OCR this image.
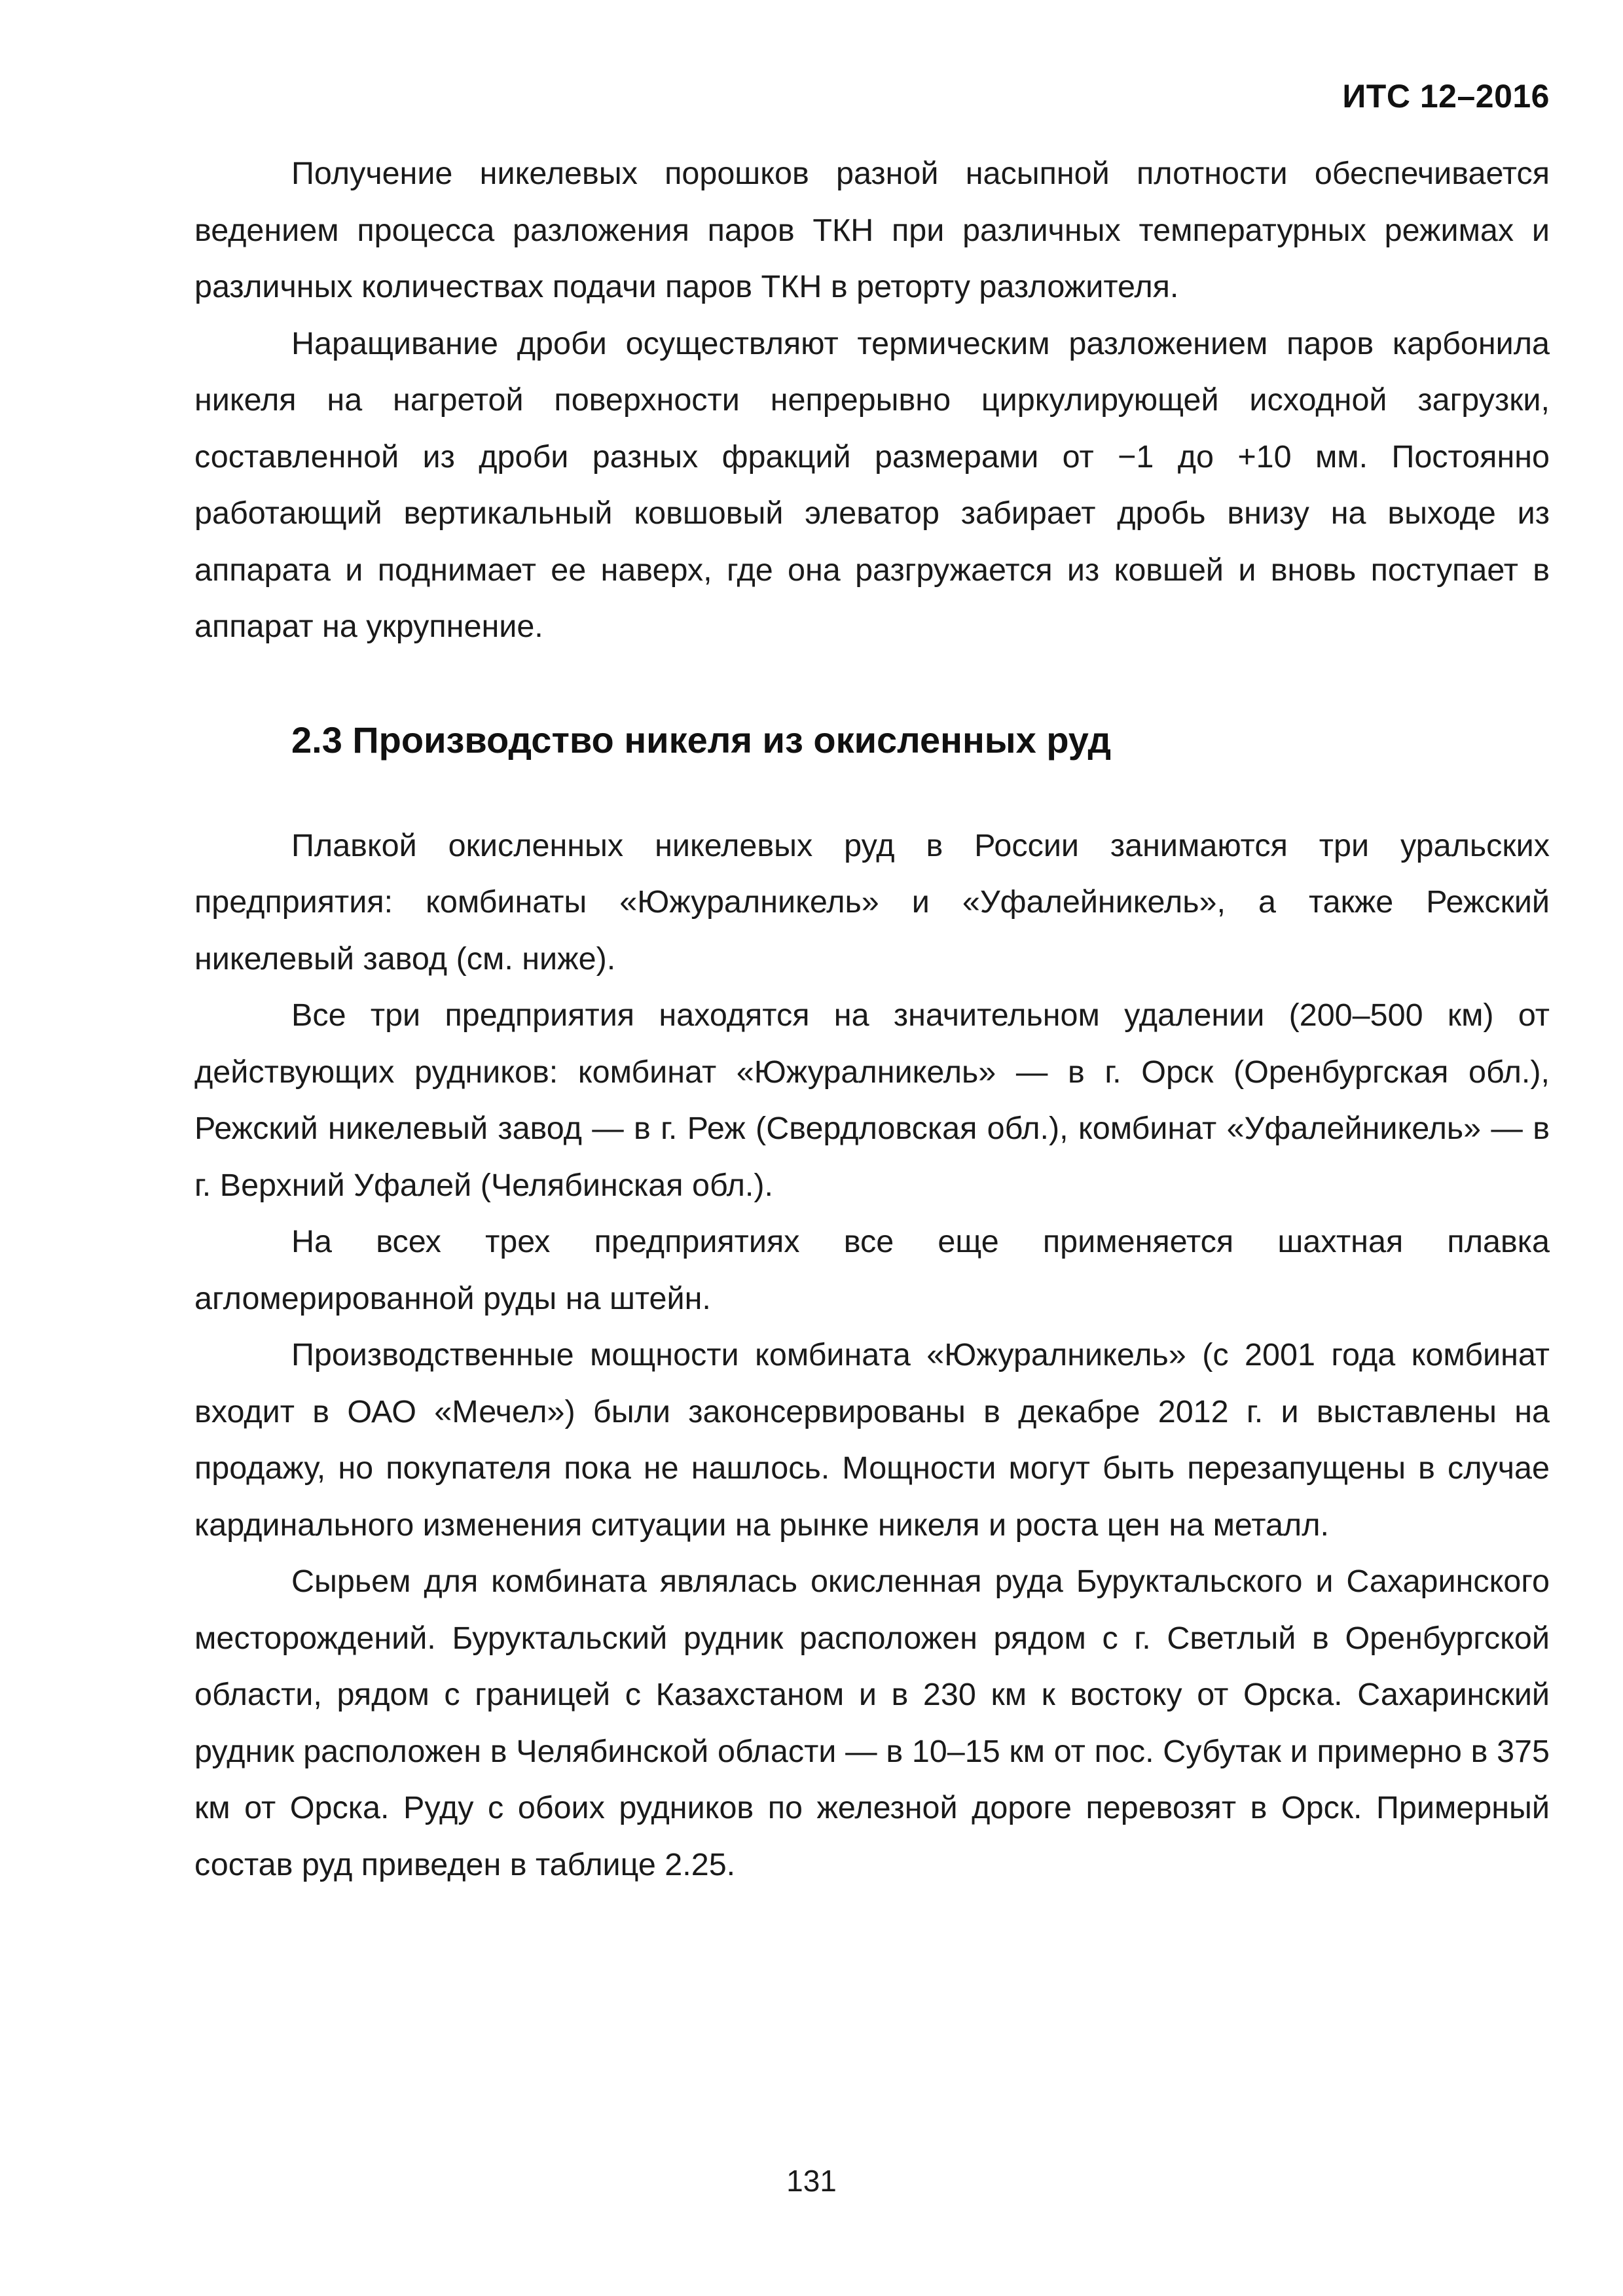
ИТС 12–2016

Получение никелевых порошков разной насыпной плотности обеспечивается ведением процесса разложения паров ТКН при различных температурных режимах и различных количествах подачи паров ТКН в реторту разложителя.

Наращивание дроби осуществляют термическим разложением паров карбонила никеля на нагретой поверхности непрерывно циркулирующей исходной загрузки, составленной из дроби разных фракций размерами от −1 до +10 мм. Постоянно работающий вертикальный ковшовый элеватор забирает дробь внизу на выходе из аппарата и поднимает ее наверх, где она разгружается из ковшей и вновь поступает в аппарат на укрупнение.

2.3 Производство никеля из окисленных руд

Плавкой окисленных никелевых руд в России занимаются три уральских предприятия: комбинаты «Южуралникель» и «Уфалейникель», а также Режский никелевый завод (см. ниже).

Все три предприятия находятся на значительном удалении (200–500 км) от действующих рудников: комбинат «Южуралникель» — в г. Орск (Оренбургская обл.), Режский никелевый завод — в г. Реж (Свердловская обл.), комбинат «Уфалейникель» — в г. Верхний Уфалей (Челябинская обл.).

На всех трех предприятиях все еще применяется шахтная плавка агломерированной руды на штейн.

Производственные мощности комбината «Южуралникель» (с 2001 года комбинат входит в ОАО «Мечел») были законсервированы в декабре 2012 г. и выставлены на продажу, но покупателя пока не нашлось. Мощности могут быть перезапущены в случае кардинального изменения ситуации на рынке никеля и роста цен на металл.

Сырьем для комбината являлась окисленная руда Буруктальского и Сахаринского месторождений. Буруктальский рудник расположен рядом с г. Светлый в Оренбургской области, рядом с границей с Казахстаном и в 230 км к востоку от Орска. Сахаринский рудник расположен в Челябинской области — в 10–15 км от пос. Субутак и примерно в 375 км от Орска. Руду с обоих рудников по железной дороге перевозят в Орск. Примерный состав руд приведен в таблице 2.25.

131
